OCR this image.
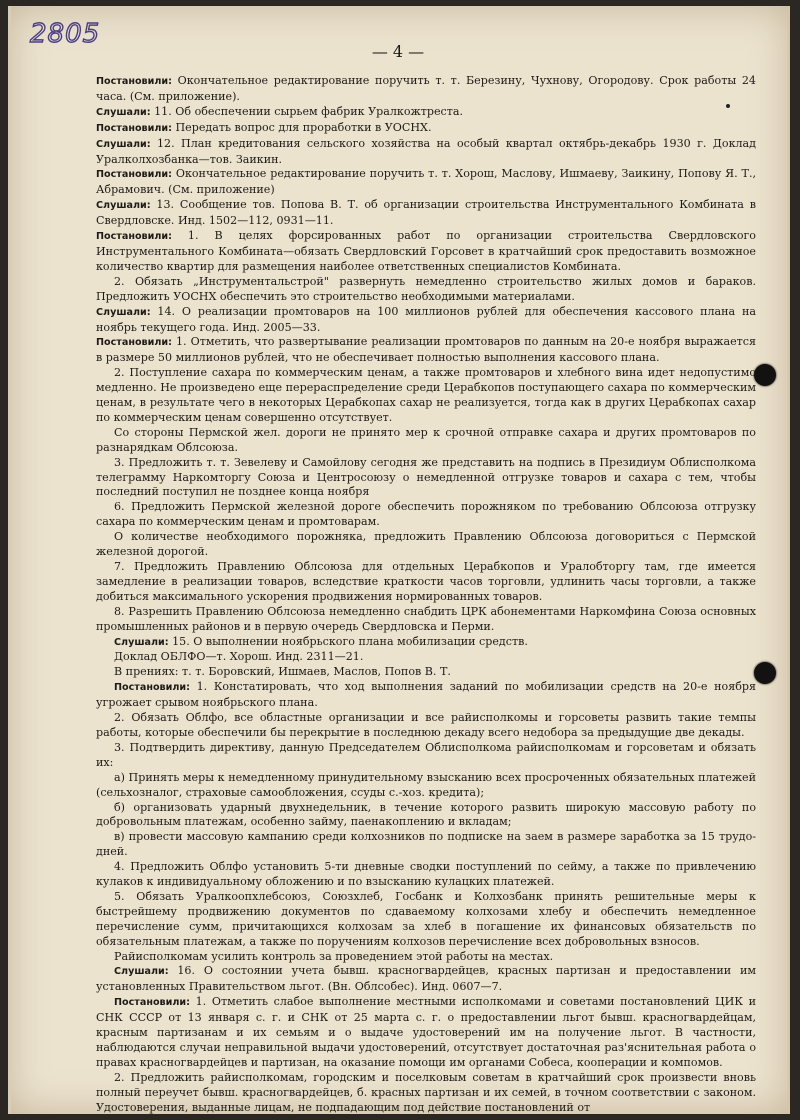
2805
— 4 —

Постановили: Окончательное редактирование поручить т. т. Березину, Чухнову, Огородову. Срок работы 24 часа. (См. приложение).

Слушали: 11. Об обеспечении сырьем фабрик Уралкожтреста.

Постановили: Передать вопрос для проработки в УОСНХ.

Слушали: 12. План кредитования сельского хозяйства на особый квартал октябрь-декабрь 1930 г. Доклад Уралколхозбанка—тов. Заикин.

Постановили: Окончательное редактирование поручить т. т. Хорош, Маслову, Ишмаеву, Заикину, Попову Я. Т., Абрамович. (См. приложение)

Слушали: 13. Сообщение тов. Попова В. Т. об организации строительства Инструментального Комбината в Свердловске. Инд. 1502—112, 0931—11.

Постановили: 1. В целях форсированных работ по организации строительства Свердловского Инструментального Комбината—обязать Свердловский Горсовет в кратчайший срок предоставить возможное количество квартир для размещения наиболее ответственных специалистов Комбината.

2. Обязать „Инструментальстрой" развернуть немедленно строительство жилых домов и бараков. Предложить УОСНХ обеспечить это строительство необходимыми материалами.

Слушали: 14. О реализации промтоваров на 100 миллионов рублей для обеспечения кассового плана на ноябрь текущего года. Инд. 2005—33.

Постановили: 1. Отметить, что развертывание реализации промтоваров по данным на 20-е ноября выражается в размере 50 миллионов рублей, что не обеспечивает полностью выполнения кассового плана.

2. Поступление сахара по коммерческим ценам, а также промтоваров и хлебного вина идет недопустимо медленно. Не произведено еще перераспределение среди Церабкопов поступающего сахара по коммерческим ценам, в результате чего в некоторых Церабкопах сахар не реализуется, тогда как в других Церабкопах сахар по коммерческим ценам совершенно отсутствует.

Со стороны Пермской жел. дороги не принято мер к срочной отправке сахара и других промтоваров по разнарядкам Облсоюза.

3. Предложить т. т. Зевелеву и Самойлову сегодня же представить на подпись в Президиум Облисполкома телеграмму Наркомторгу Союза и Центросоюзу о немедленной отгрузке товаров и сахара с тем, чтобы последний поступил не позднее конца ноября

6. Предложить Пермской железной дороге обеспечить порожняком по требованию Облсоюза отгрузку сахара по коммерческим ценам и промтоварам.

О количестве необходимого порожняка, предложить Правлению Облсоюза договориться с Пермской железной дорогой.

7. Предложить Правлению Облсоюза для отдельных Церабкопов и Уралобторгу там, где имеется замедление в реализации товаров, вследствие краткости часов торговли, удлинить часы торговли, а также добиться максимального ускорения продвижения нормированных товаров.

8. Разрешить Правлению Облсоюза немедленно снабдить ЦРК абонементами Наркомфина Союза основных промышленных районов и в первую очередь Свердловска и Перми.

Слушали: 15. О выполнении ноябрьского плана мобилизации средств.

Доклад ОБЛФО—т. Хорош. Инд. 2311—21.

В прениях: т. т. Боровский, Ишмаев, Маслов, Попов В. Т.

Постановили: 1. Констатировать, что ход выполнения заданий по мобилизации средств на 20-е ноября угрожает срывом ноябрьского плана.

2. Обязать Облфо, все областные организации и все райисполкомы и горсоветы развить такие темпы работы, которые обеспечили бы перекрытие в последнюю декаду всего недобора за предыдущие две декады.

3. Подтвердить директиву, данную Председателем Облисполкома райисполкомам и горсоветам и обязать их:

а) Принять меры к немедленному принудительному взысканию всех просроченных обязательных платежей (сельхозналог, страховые самообложения, ссуды с.-хоз. кредита);

б) организовать ударный двухнедельник, в течение которого развить широкую массовую работу по добровольным платежам, особенно займу, паенакоплению и вкладам;

в) провести массовую кампанию среди колхозников по подписке на заем в размере заработка за 15 трудо-дней.

4. Предложить Облфо установить 5-ти дневные сводки поступлений по сейму, а также по привлечению кулаков к индивидуальному обложению и по взысканию кулацких платежей.

5. Обязать Уралкоопхлебсоюз, Союзхлеб, Госбанк и Колхозбанк принять решительные меры к быстрейшему продвижению документов по сдаваемому колхозами хлебу и обеспечить немедленное перечисление сумм, причитающихся колхозам за хлеб в погашение их финансовых обязательств по обязательным платежам, а также по поручениям колхозов перечисление всех добровольных взносов.

Райисполкомам усилить контроль за проведением этой работы на местах.

Слушали: 16. О состоянии учета бывш. красногвардейцев, красных партизан и предоставлении им установленных Правительством льгот. (Вн. Облсобес). Инд. 0607—7.

Постановили: 1. Отметить слабое выполнение местными исполкомами и советами постановлений ЦИК и СНК СССР от 13 января с. г. и СНК от 25 марта с. г. о предоставлении льгот бывш. красногвардейцам, красным партизанам и их семьям и о выдаче удостоверений им на получение льгот. В частности, наблюдаются случаи неправильной выдачи удостоверений, отсутствует достаточная раз'яснительная работа о правах красногвардейцев и партизан, на оказание помощи им органами Собеса, кооперации и компомов.

2. Предложить райисполкомам, городским и поселковым советам в кратчайший срок произвести вновь полный переучет бывш. красногвардейцев, б. красных партизан и их семей, в точном соответствии с законом. Удостоверения, выданные лицам, не подпадающим под действие постановлений от
